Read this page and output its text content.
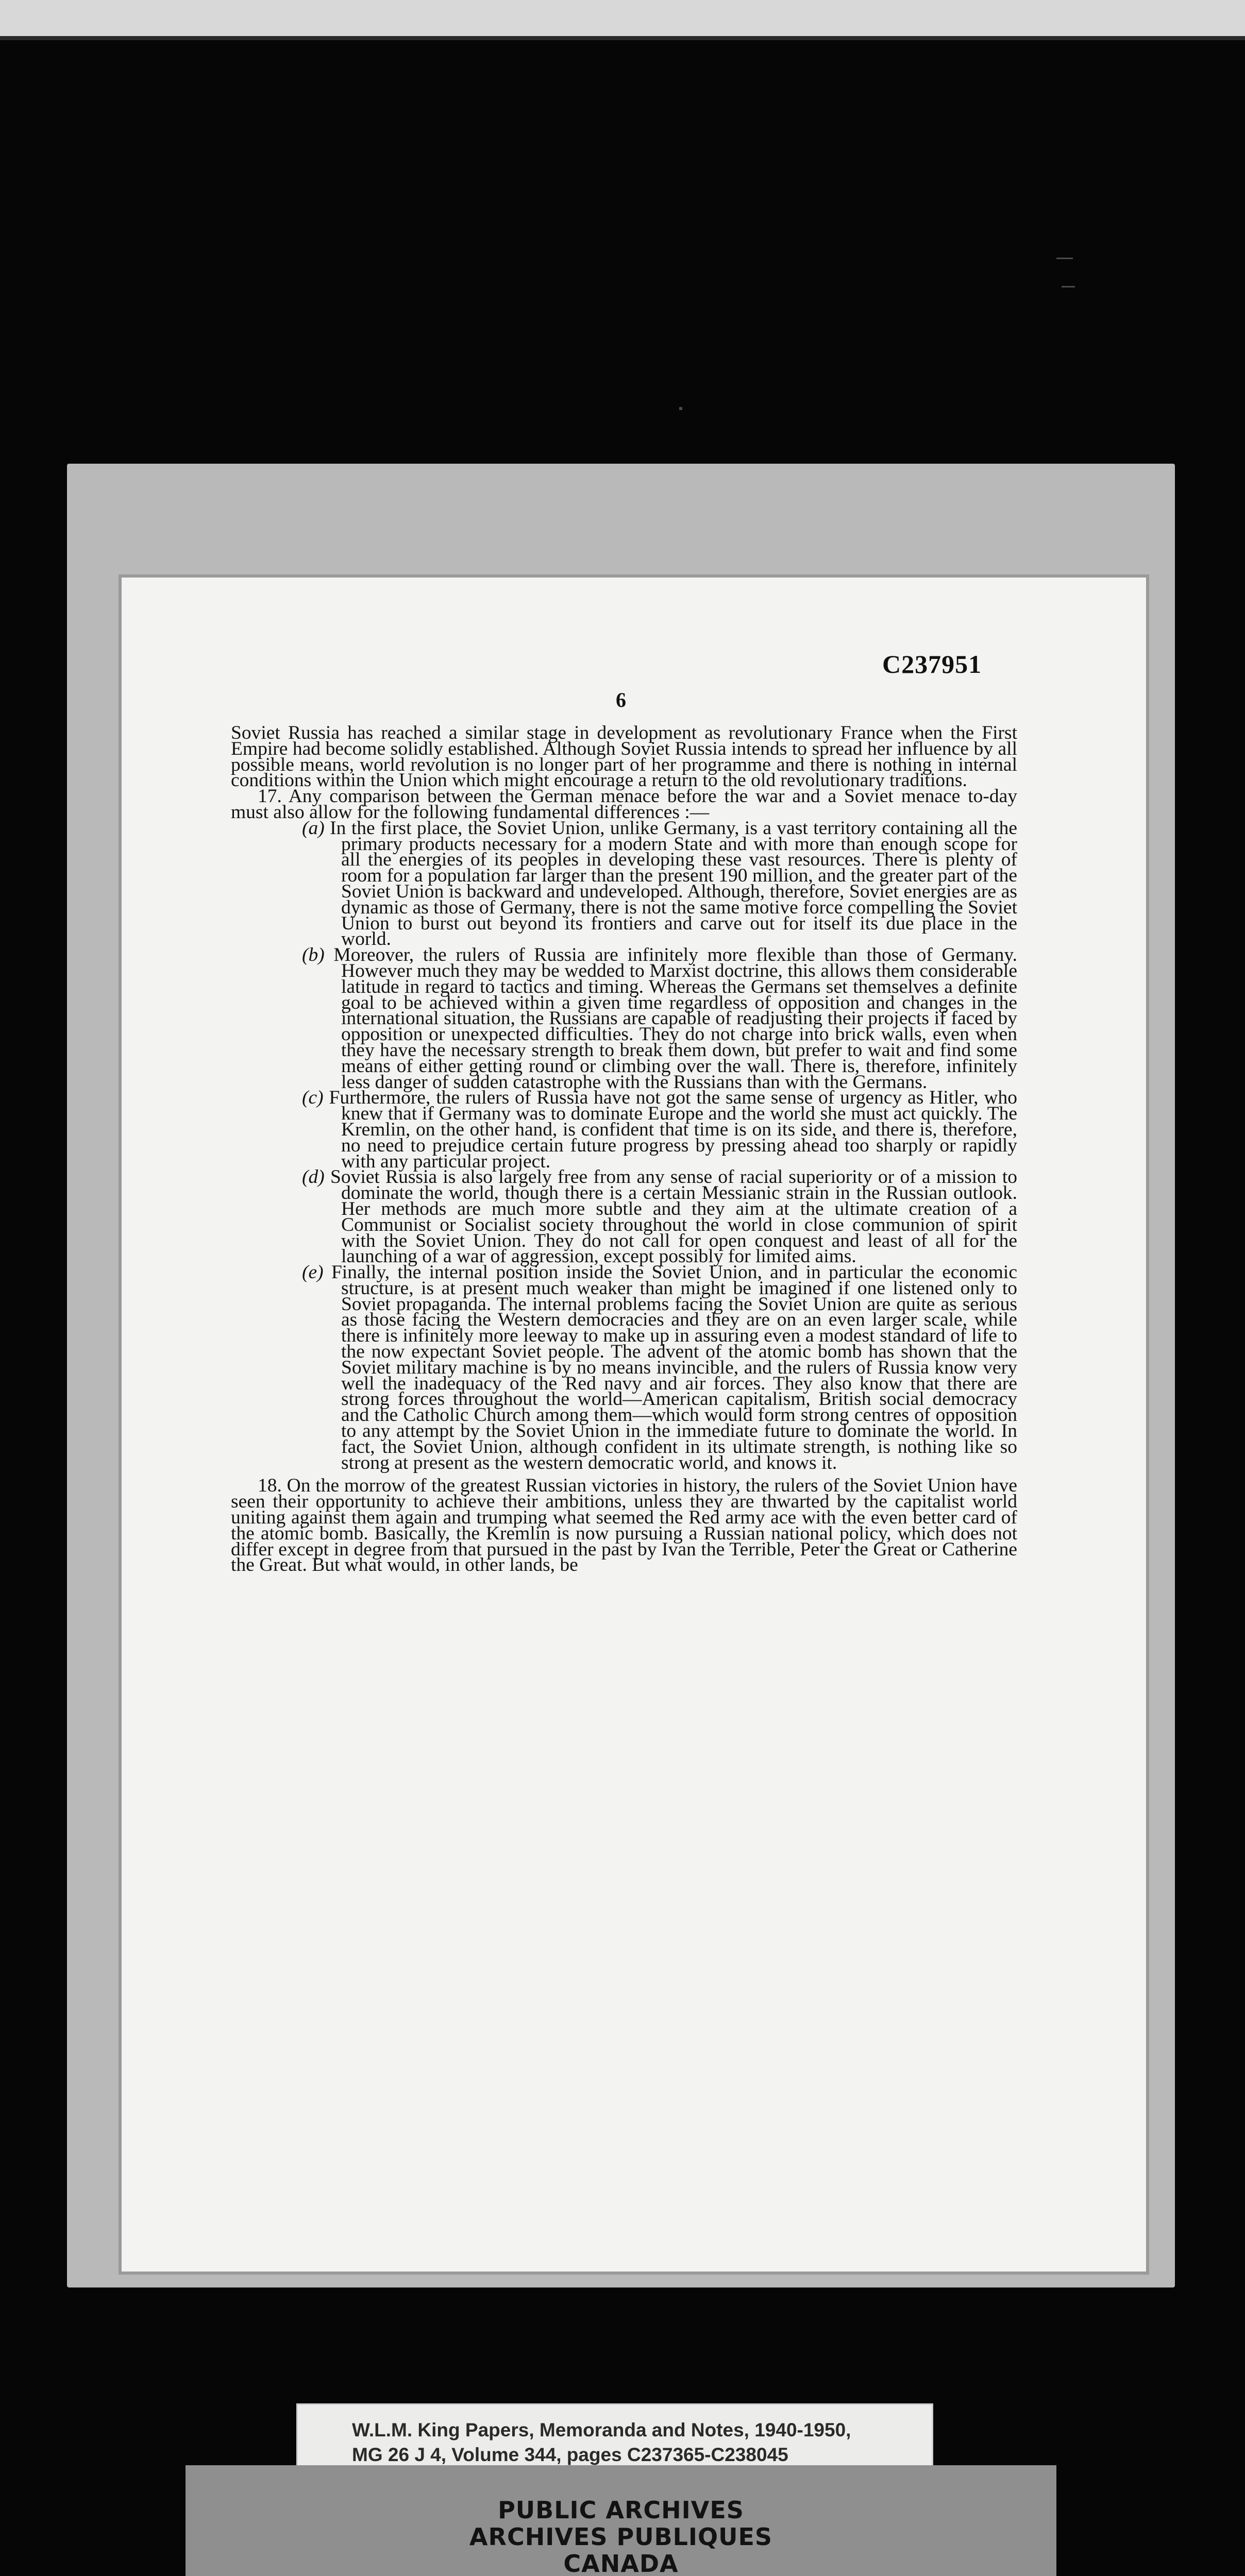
C237951
6

Soviet Russia has reached a similar stage in development as revolutionary France when the First Empire had become solidly established. Although Soviet Russia intends to spread her influence by all possible means, world revolution is no longer part of her programme and there is nothing in internal conditions within the Union which might encourage a return to the old revolutionary traditions.

17. Any comparison between the German menace before the war and a Soviet menace to-day must also allow for the following fundamental differences :—

(a) In the first place, the Soviet Union, unlike Germany, is a vast territory containing all the primary products necessary for a modern State and with more than enough scope for all the energies of its peoples in developing these vast resources. There is plenty of room for a population far larger than the present 190 million, and the greater part of the Soviet Union is backward and undeveloped. Although, therefore, Soviet energies are as dynamic as those of Germany, there is not the same motive force compelling the Soviet Union to burst out beyond its frontiers and carve out for itself its due place in the world.

(b) Moreover, the rulers of Russia are infinitely more flexible than those of Germany. However much they may be wedded to Marxist doctrine, this allows them considerable latitude in regard to tactics and timing. Whereas the Germans set themselves a definite goal to be achieved within a given time regardless of opposition and changes in the international situation, the Russians are capable of readjusting their projects if faced by opposition or unexpected difficulties. They do not charge into brick walls, even when they have the necessary strength to break them down, but prefer to wait and find some means of either getting round or climbing over the wall. There is, therefore, infinitely less danger of sudden catastrophe with the Russians than with the Germans.

(c) Furthermore, the rulers of Russia have not got the same sense of urgency as Hitler, who knew that if Germany was to dominate Europe and the world she must act quickly. The Kremlin, on the other hand, is confident that time is on its side, and there is, therefore, no need to prejudice certain future progress by pressing ahead too sharply or rapidly with any particular project.

(d) Soviet Russia is also largely free from any sense of racial superiority or of a mission to dominate the world, though there is a certain Messianic strain in the Russian outlook. Her methods are much more subtle and they aim at the ultimate creation of a Communist or Socialist society throughout the world in close communion of spirit with the Soviet Union. They do not call for open conquest and least of all for the launching of a war of aggression, except possibly for limited aims.

(e) Finally, the internal position inside the Soviet Union, and in particular the economic structure, is at present much weaker than might be imagined if one listened only to Soviet propaganda. The internal problems facing the Soviet Union are quite as serious as those facing the Western democracies and they are on an even larger scale, while there is infinitely more leeway to make up in assuring even a modest standard of life to the now expectant Soviet people. The advent of the atomic bomb has shown that the Soviet military machine is by no means invincible, and the rulers of Russia know very well the inadequacy of the Red navy and air forces. They also know that there are strong forces throughout the world—American capitalism, British social democracy and the Catholic Church among them—which would form strong centres of opposition to any attempt by the Soviet Union in the immediate future to dominate the world. In fact, the Soviet Union, although confident in its ultimate strength, is nothing like so strong at present as the western democratic world, and knows it.

18. On the morrow of the greatest Russian victories in history, the rulers of the Soviet Union have seen their opportunity to achieve their ambitions, unless they are thwarted by the capitalist world uniting against them again and trumping what seemed the Red army ace with the even better card of the atomic bomb. Basically, the Kremlin is now pursuing a Russian national policy, which does not differ except in degree from that pursued in the past by Ivan the Terrible, Peter the Great or Catherine the Great. But what would, in other lands, be

W.L.M. King Papers, Memoranda and Notes, 1940-1950,
MG 26 J 4, Volume 344, pages C237365-C238045
PUBLIC ARCHIVES
ARCHIVES PUBLIQUES
CANADA
